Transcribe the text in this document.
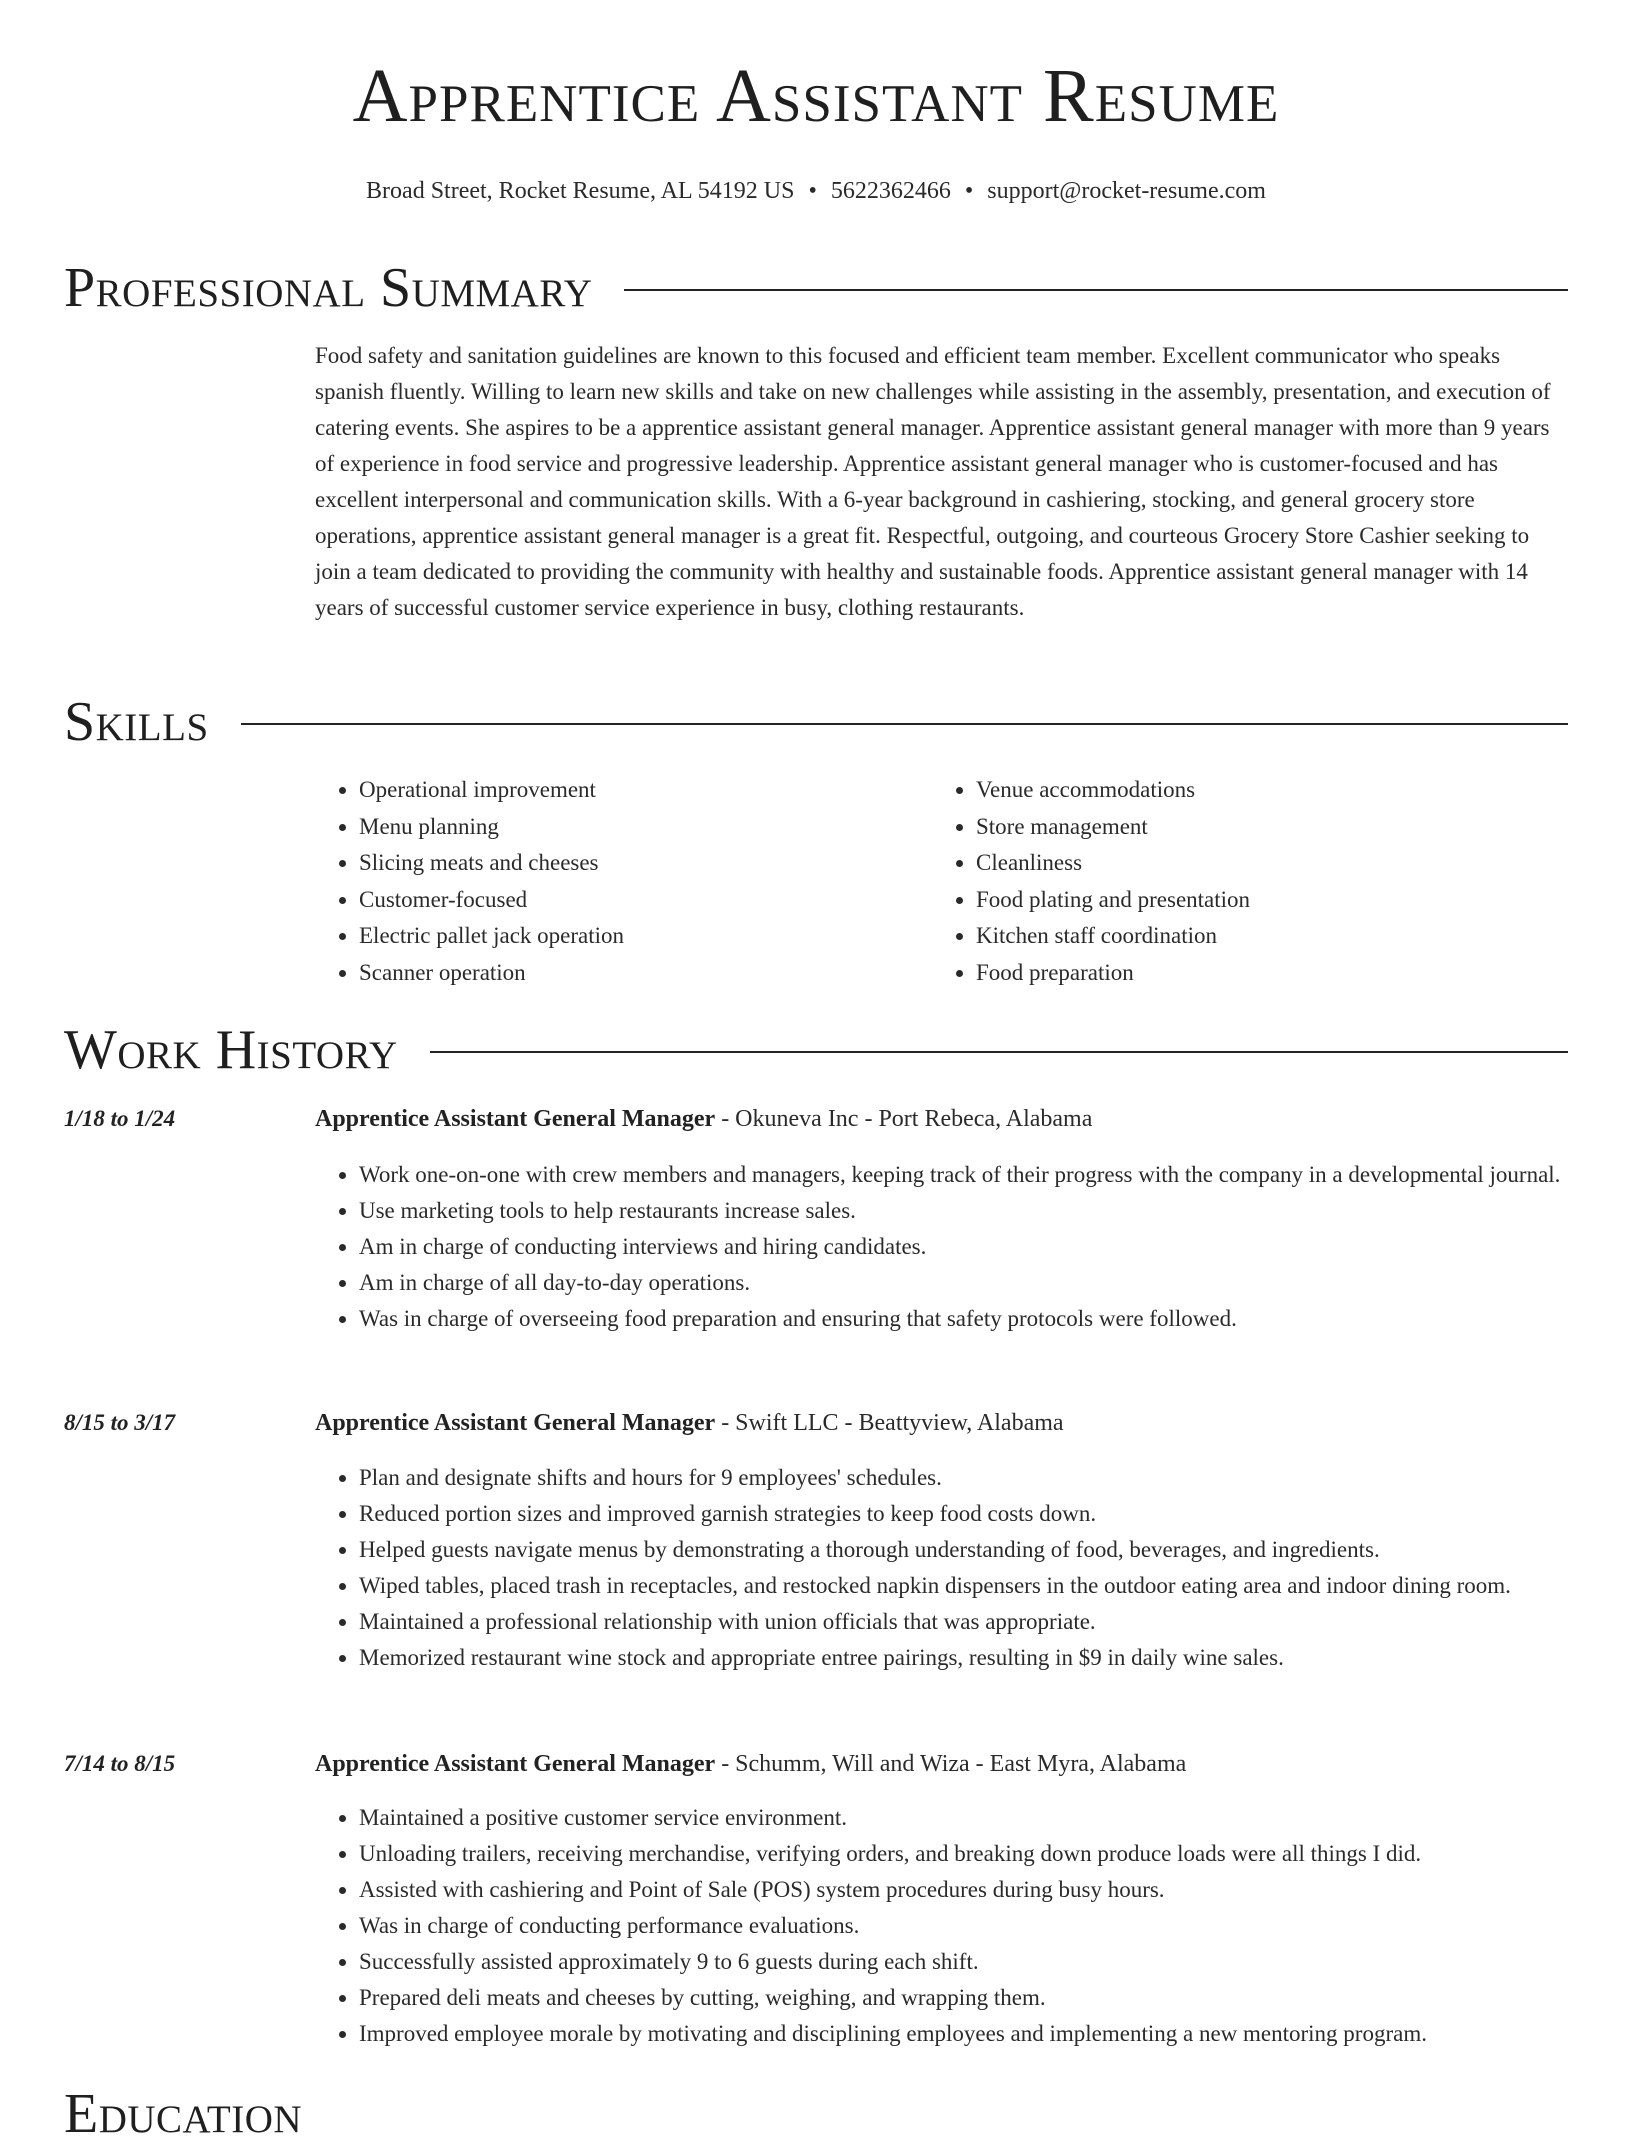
Apprentice Assistant Resume
Broad Street, Rocket Resume, AL 54192 US • 5622362466 • support@rocket-resume.com
Professional Summary

Food safety and sanitation guidelines are known to this focused and efficient team member. Excellent communicator who speaks spanish fluently. Willing to learn new skills and take on new challenges while assisting in the assembly, presentation, and execution of catering events. She aspires to be a apprentice assistant general manager. Apprentice assistant general manager with more than 9 years of experience in food service and progressive leadership. Apprentice assistant general manager who is customer-focused and has excellent interpersonal and communication skills. With a 6-year background in cashiering, stocking, and general grocery store operations, apprentice assistant general manager is a great fit. Respectful, outgoing, and courteous Grocery Store Cashier seeking to join a team dedicated to providing the community with healthy and sustainable foods. Apprentice assistant general manager with 14 years of successful customer service experience in busy, clothing restaurants.

Skills
• Operational improvement
• Menu planning
• Slicing meats and cheeses
• Customer-focused
• Electric pallet jack operation
• Scanner operation
• Venue accommodations
• Store management
• Cleanliness
• Food plating and presentation
• Kitchen staff coordination
• Food preparation
Work History
1/18 to 1/24	Apprentice Assistant General Manager - Okuneva Inc - Port Rebeca, Alabama
• Work one-on-one with crew members and managers, keeping track of their progress with the company in a developmental journal.
• Use marketing tools to help restaurants increase sales.
• Am in charge of conducting interviews and hiring candidates.
• Am in charge of all day-to-day operations.
• Was in charge of overseeing food preparation and ensuring that safety protocols were followed.
8/15 to 3/17	Apprentice Assistant General Manager - Swift LLC - Beattyview, Alabama
• Plan and designate shifts and hours for 9 employees' schedules.
• Reduced portion sizes and improved garnish strategies to keep food costs down.
• Helped guests navigate menus by demonstrating a thorough understanding of food, beverages, and ingredients.
• Wiped tables, placed trash in receptacles, and restocked napkin dispensers in the outdoor eating area and indoor dining room.
• Maintained a professional relationship with union officials that was appropriate.
• Memorized restaurant wine stock and appropriate entree pairings, resulting in $9 in daily wine sales.
7/14 to 8/15	Apprentice Assistant General Manager - Schumm, Will and Wiza - East Myra, Alabama
• Maintained a positive customer service environment.
• Unloading trailers, receiving merchandise, verifying orders, and breaking down produce loads were all things I did.
• Assisted with cashiering and Point of Sale (POS) system procedures during busy hours.
• Was in charge of conducting performance evaluations.
• Successfully assisted approximately 9 to 6 guests during each shift.
• Prepared deli meats and cheeses by cutting, weighing, and wrapping them.
• Improved employee morale by motivating and disciplining employees and implementing a new mentoring program.
Education
